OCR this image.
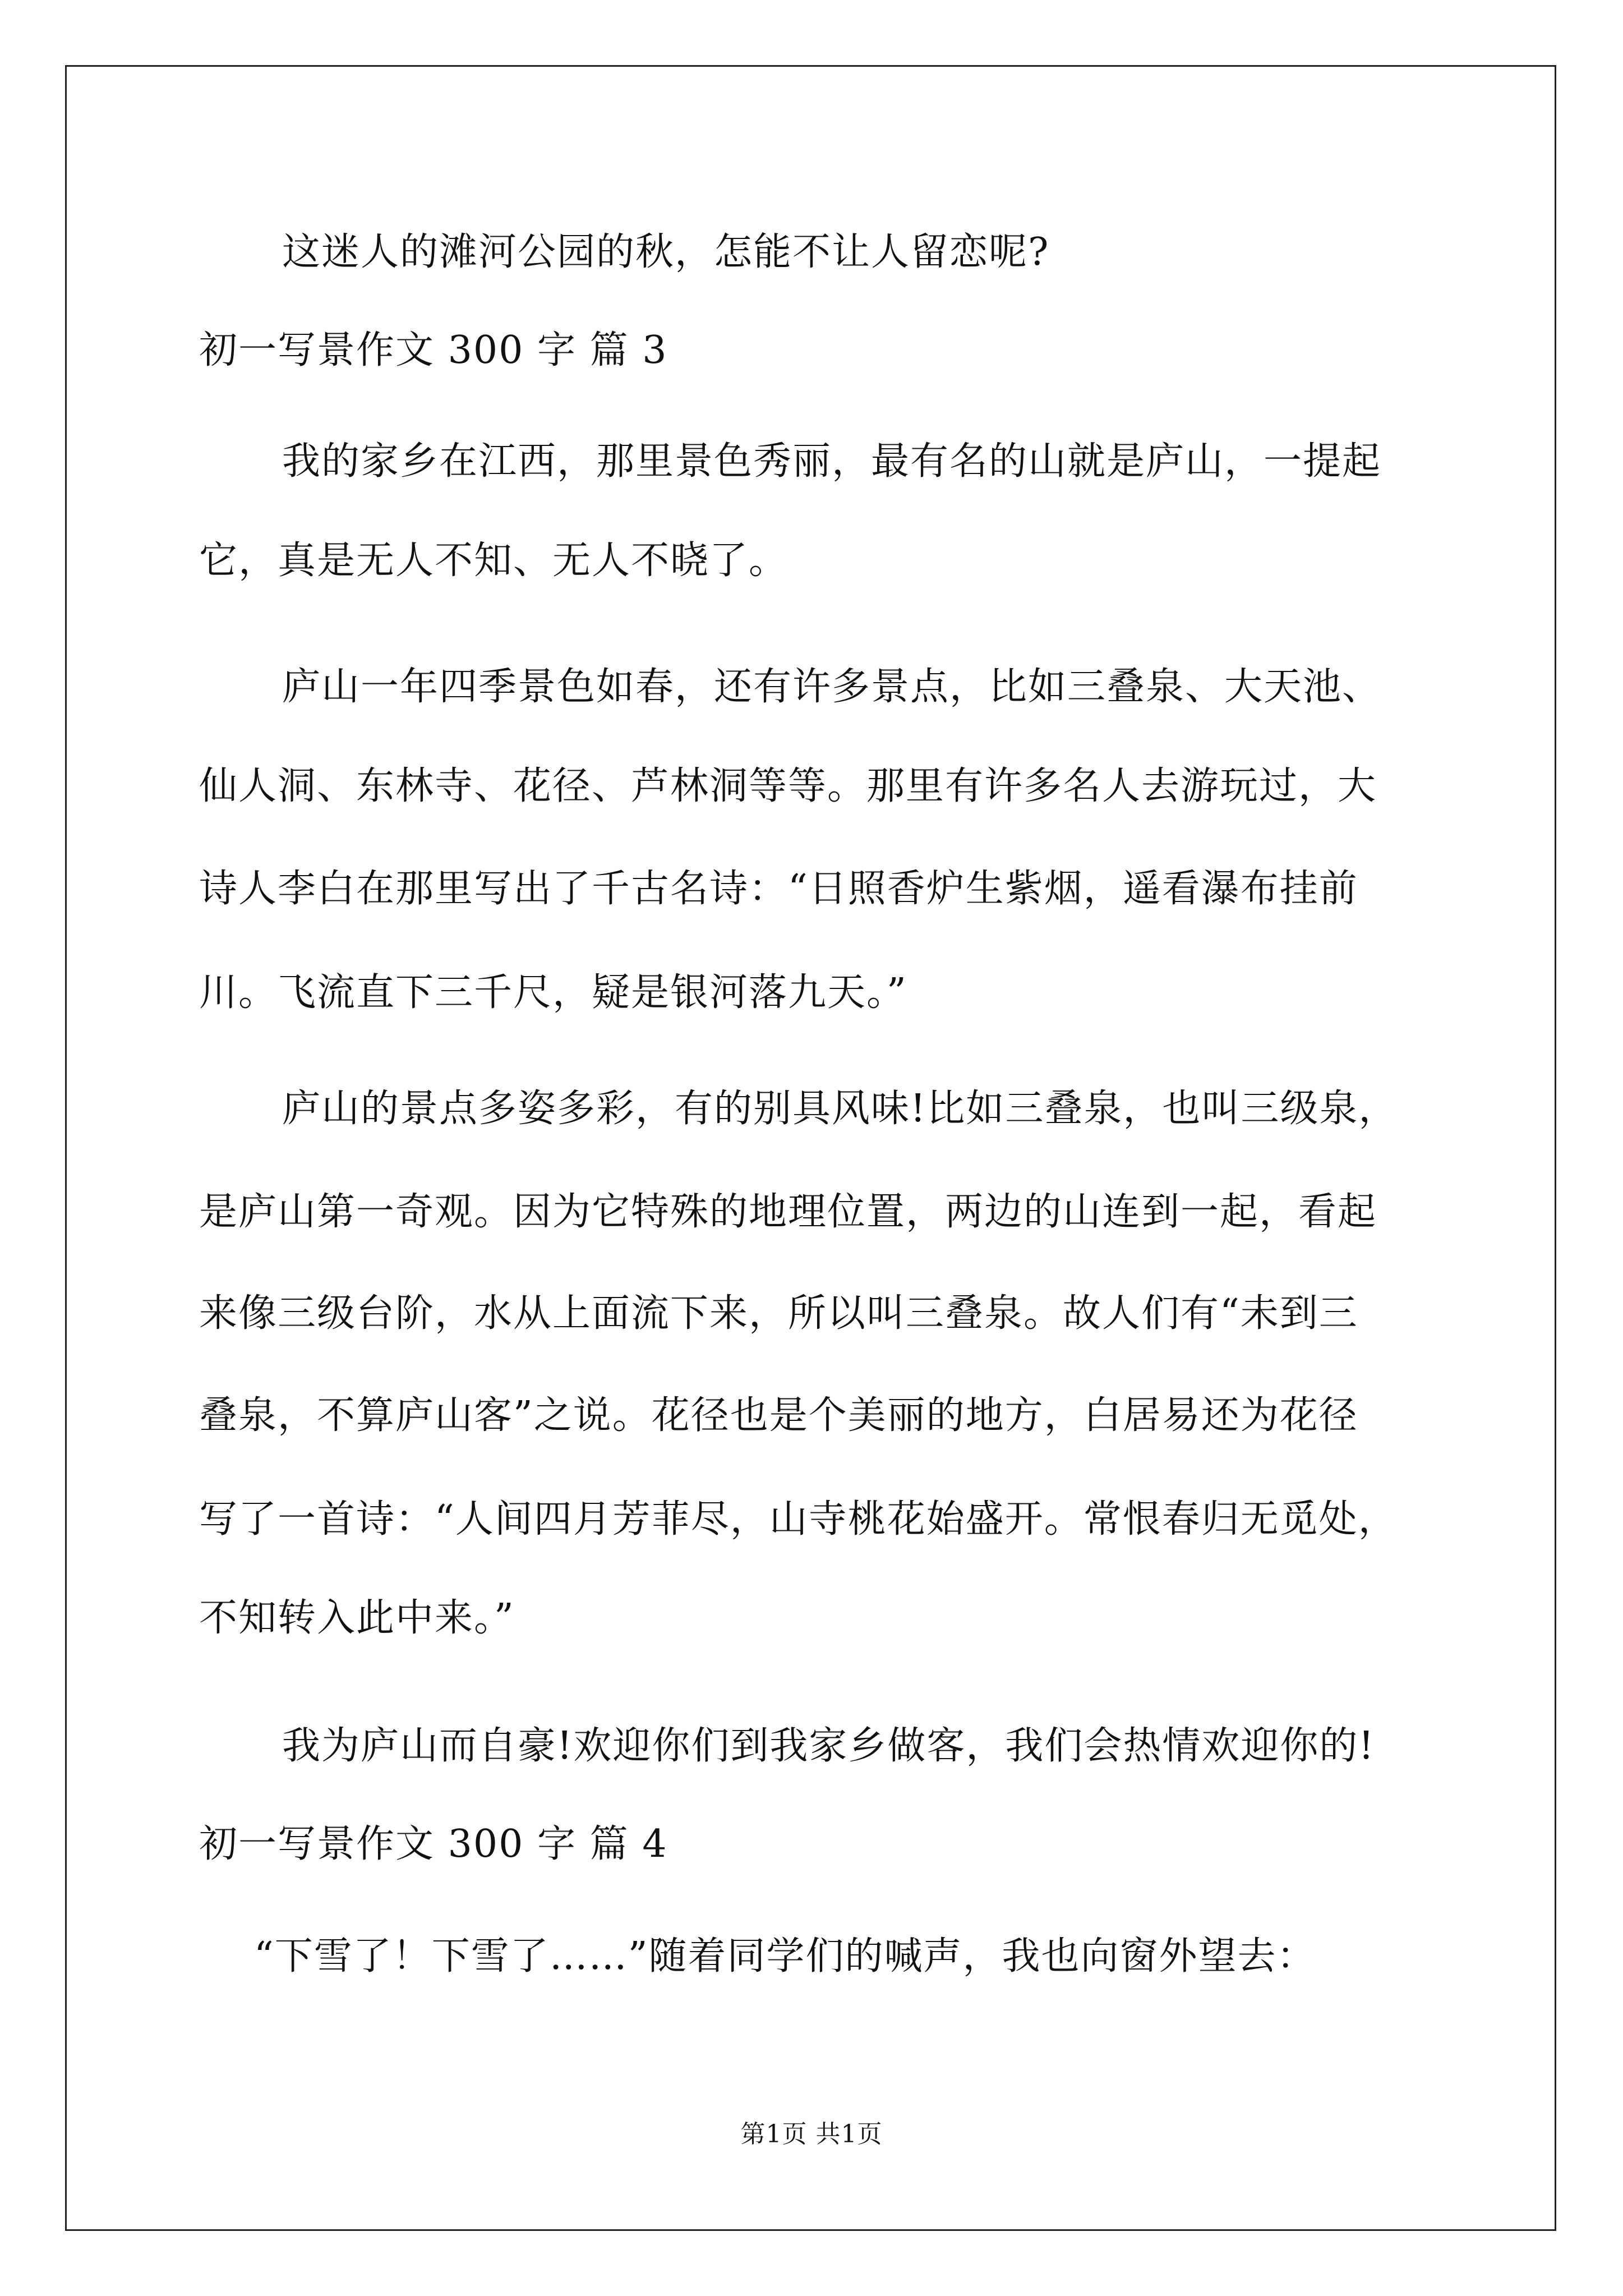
这迷人的滩河公园的秋，怎能不让人留恋呢?
初一写景作文 300 字 篇 3
我的家乡在江西，那里景色秀丽，最有名的山就是庐山，一提起
它，真是无人不知、无人不晓了。
庐山一年四季景色如春，还有许多景点，比如三叠泉、大天池、
仙人洞、东林寺、花径、芦林洞等等。那里有许多名人去游玩过，大
诗人李白在那里写出了千古名诗：“日照香炉生紫烟，遥看瀑布挂前
川。飞流直下三千尺，疑是银河落九天。”
庐山的景点多姿多彩，有的别具风味!比如三叠泉，也叫三级泉，
是庐山第一奇观。因为它特殊的地理位置，两边的山连到一起，看起
来像三级台阶，水从上面流下来，所以叫三叠泉。故人们有“未到三
叠泉，不算庐山客”之说。花径也是个美丽的地方，白居易还为花径
写了一首诗：“人间四月芳菲尽，山寺桃花始盛开。常恨春归无觅处，
不知转入此中来。”
我为庐山而自豪!欢迎你们到我家乡做客，我们会热情欢迎你的!
初一写景作文 300 字 篇 4
“下雪了！下雪了……”随着同学们的喊声，我也向窗外望去：
第1页 共1页
